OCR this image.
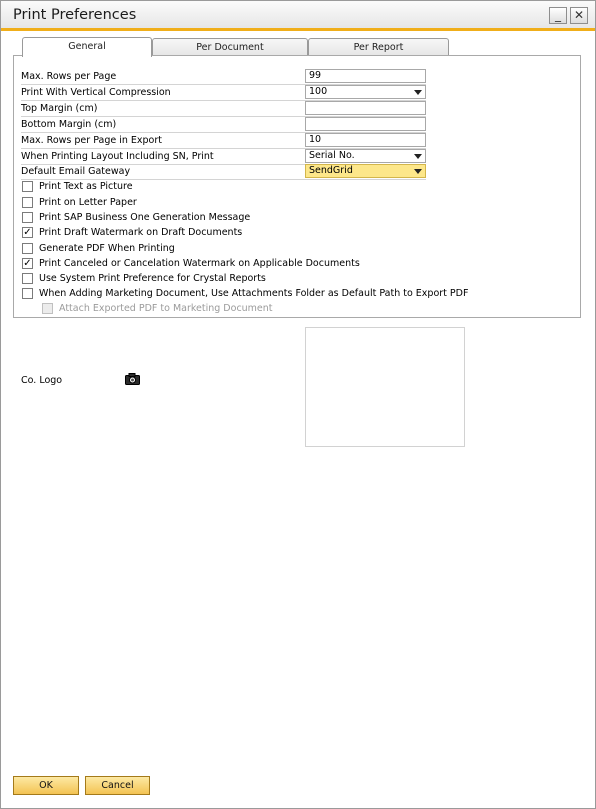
Print Preferences	_	✕
General	Per Document	Per Report
Max. Rows per Page	99
Print With Vertical Compression	100
Top Margin (cm)
Bottom Margin (cm)
Max. Rows per Page in Export	10
When Printing Layout Including SN, Print	Serial No.
Default Email Gateway	SendGrid
Print Text as Picture
Print on Letter Paper
Print SAP Business One Generation Message
✓ Print Draft Watermark on Draft Documents
Generate PDF When Printing
✓ Print Canceled or Cancelation Watermark on Applicable Documents
Use System Print Preference for Crystal Reports
When Adding Marketing Document, Use Attachments Folder as Default Path to Export PDF
Attach Exported PDF to Marketing Document
Co. Logo
OK	Cancel
